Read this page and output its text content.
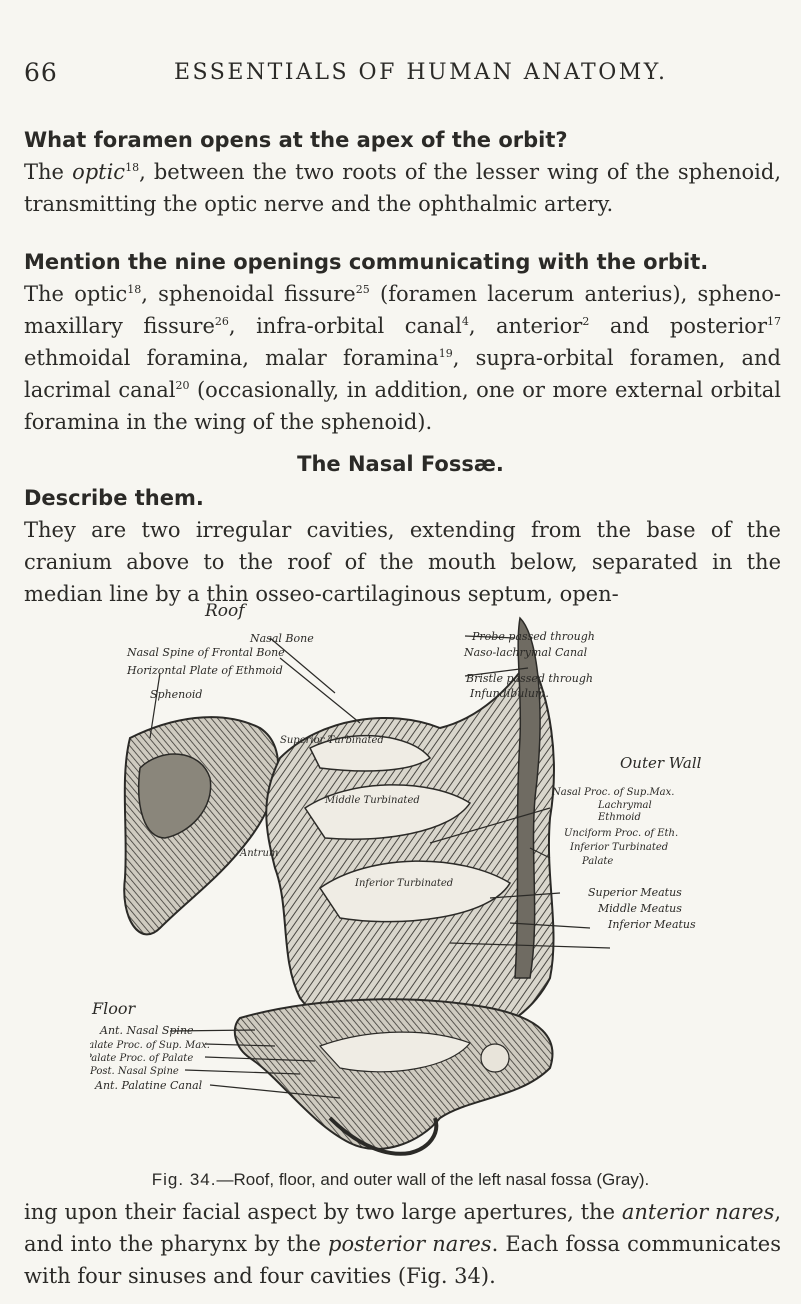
66	ESSENTIALS OF HUMAN ANATOMY.
What foramen opens at the apex of the orbit?
The optic$^{18}$, between the two roots of the lesser wing of the sphenoid, transmitting the optic nerve and the ophthalmic artery.
Mention the nine openings communicating with the orbit.
The optic$^{18}$, sphenoidal fissure$^{25}$ (foramen lacerum anterius), spheno-maxillary fissure$^{26}$, infra-orbital canal$^4$, anterior$^2$ and posterior$^{17}$ ethmoidal foramina, malar foramina$^{19}$, supra-orbital foramen, and lacrimal canal$^{20}$ (occasionally, in addition, one or more external orbital foramina in the wing of the sphenoid).
The Nasal Fossæ.
Describe them.
They are two irregular cavities, extending from the base of the cranium above to the roof of the mouth below, separated in the median line by a thin osseo-cartilaginous septum, open-
Roof
Nasal Bone
Nasal Spine of Frontal Bone
Horizontal Plate of Ethmoid
Sphenoid
Probe passed through
Naso-lachrymal Canal
Bristle passed through
Infundibulum.
Outer Wall
Nasal Proc. of Sup.Max.
Lachrymal
Ethmoid
Unciform Proc. of Eth.
Inferior Turbinated
Palate
Superior Meatus
Middle Meatus
Inferior Meatus
Floor
Ant. Nasal Spine
Palate Proc. of Sup. Max.
Palate Proc. of Palate
Post. Nasal Spine
Ant. Palatine Canal
Superior Turbinated
Middle Turbinated
Inferior Turbinated
Antrum
Fig. 34.—Roof, floor, and outer wall of the left nasal fossa (Gray).
ing upon their facial aspect by two large apertures, the anterior nares, and into the pharynx by the posterior nares. Each fossa communicates with four sinuses and four cavities (Fig. 34).
